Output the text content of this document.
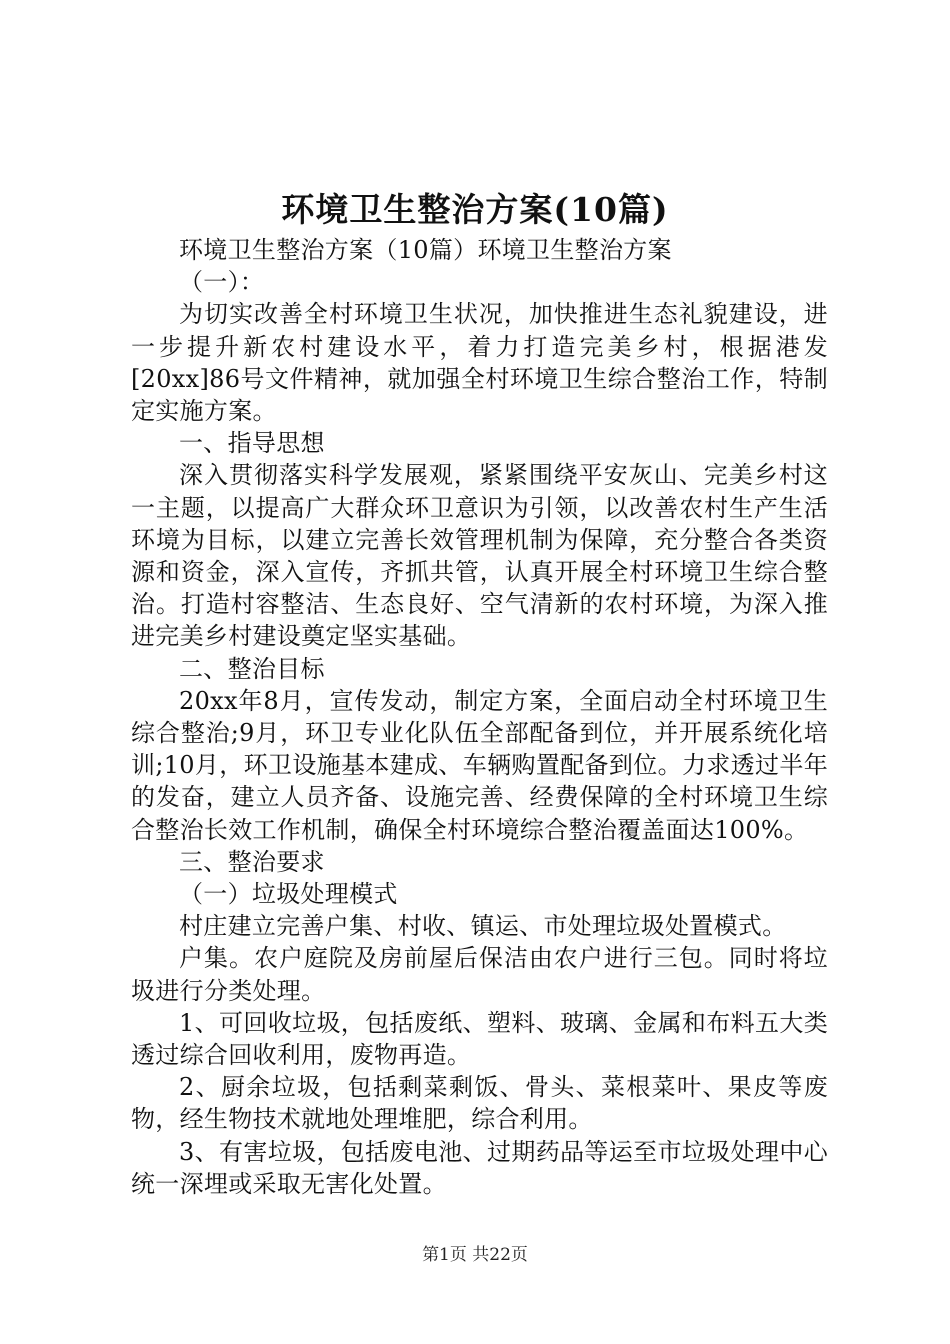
环境卫生整治方案(10篇)

环境卫生整治方案（10篇）环境卫生整治方案

（一）：

为切实改善全村环境卫生状况，加快推进生态礼貌建设，进一步提升新农村建设水平，着力打造完美乡村，根据港发[20xx]86号文件精神，就加强全村环境卫生综合整治工作，特制定实施方案。

一、指导思想

深入贯彻落实科学发展观，紧紧围绕平安灰山、完美乡村这一主题，以提高广大群众环卫意识为引领，以改善农村生产生活环境为目标，以建立完善长效管理机制为保障，充分整合各类资源和资金，深入宣传，齐抓共管，认真开展全村环境卫生综合整治。打造村容整洁、生态良好、空气清新的农村环境，为深入推进完美乡村建设奠定坚实基础。

二、整治目标

20xx年8月，宣传发动，制定方案，全面启动全村环境卫生综合整治;9月，环卫专业化队伍全部配备到位，并开展系统化培训;10月，环卫设施基本建成、车辆购置配备到位。力求透过半年的发奋，建立人员齐备、设施完善、经费保障的全村环境卫生综合整治长效工作机制，确保全村环境综合整治覆盖面达100%。

三、整治要求

（一）垃圾处理模式

村庄建立完善户集、村收、镇运、市处理垃圾处置模式。

户集。农户庭院及房前屋后保洁由农户进行三包。同时将垃圾进行分类处理。

1、可回收垃圾，包括废纸、塑料、玻璃、金属和布料五大类透过综合回收利用，废物再造。

2、厨余垃圾，包括剩菜剩饭、骨头、菜根菜叶、果皮等废物，经生物技术就地处理堆肥，综合利用。

3、有害垃圾，包括废电池、过期药品等运至市垃圾处理中心统一深埋或采取无害化处置。

第1页 共22页
